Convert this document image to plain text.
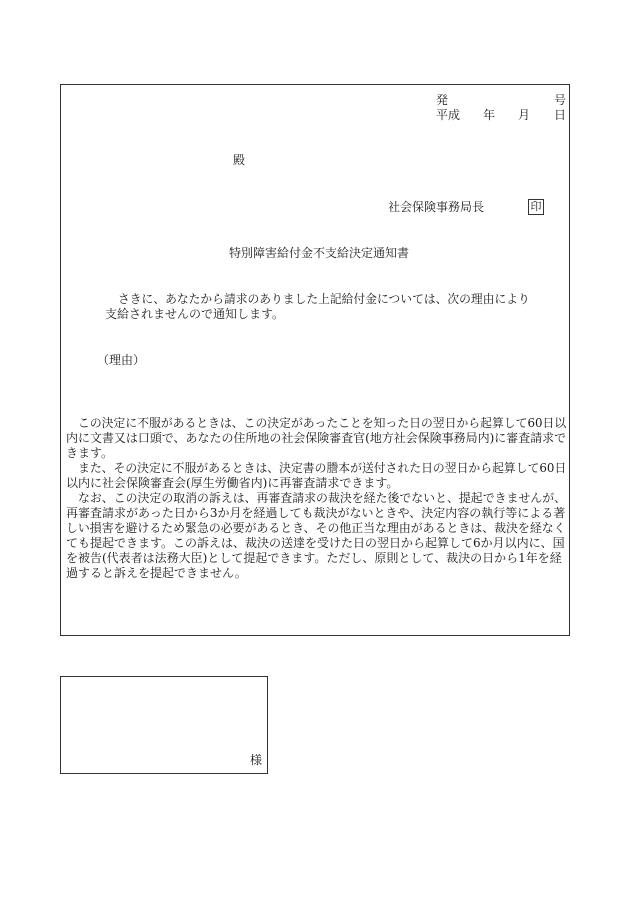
発	号
平成 年 月 日
殿
社会保険事務局長	印
特別障害給付金不支給決定通知書
さきに、あなたから請求のありました上記給付金については、次の理由により
支給されませんので通知します。
（理由）
この決定に不服があるときは、この決定があったことを知った日の翌日から起算して60日以
内に文書又は口頭で、あなたの住所地の社会保険審査官(地方社会保険事務局内)に審査請求で
きます。
また、その決定に不服があるときは、決定書の謄本が送付された日の翌日から起算して60日
以内に社会保険審査会(厚生労働省内)に再審査請求できます。
なお、この決定の取消の訴えは、再審査請求の裁決を経た後でないと、提起できませんが、
再審査請求があった日から3か月を経過しても裁決がないときや、決定内容の執行等による著
しい損害を避けるため緊急の必要があるとき、その他正当な理由があるときは、裁決を経なく
ても提起できます。この訴えは、裁決の送達を受けた日の翌日から起算して6か月以内に、国
を被告(代表者は法務大臣)として提起できます。ただし、原則として、裁決の日から1年を経
過すると訴えを提起できません。
様
